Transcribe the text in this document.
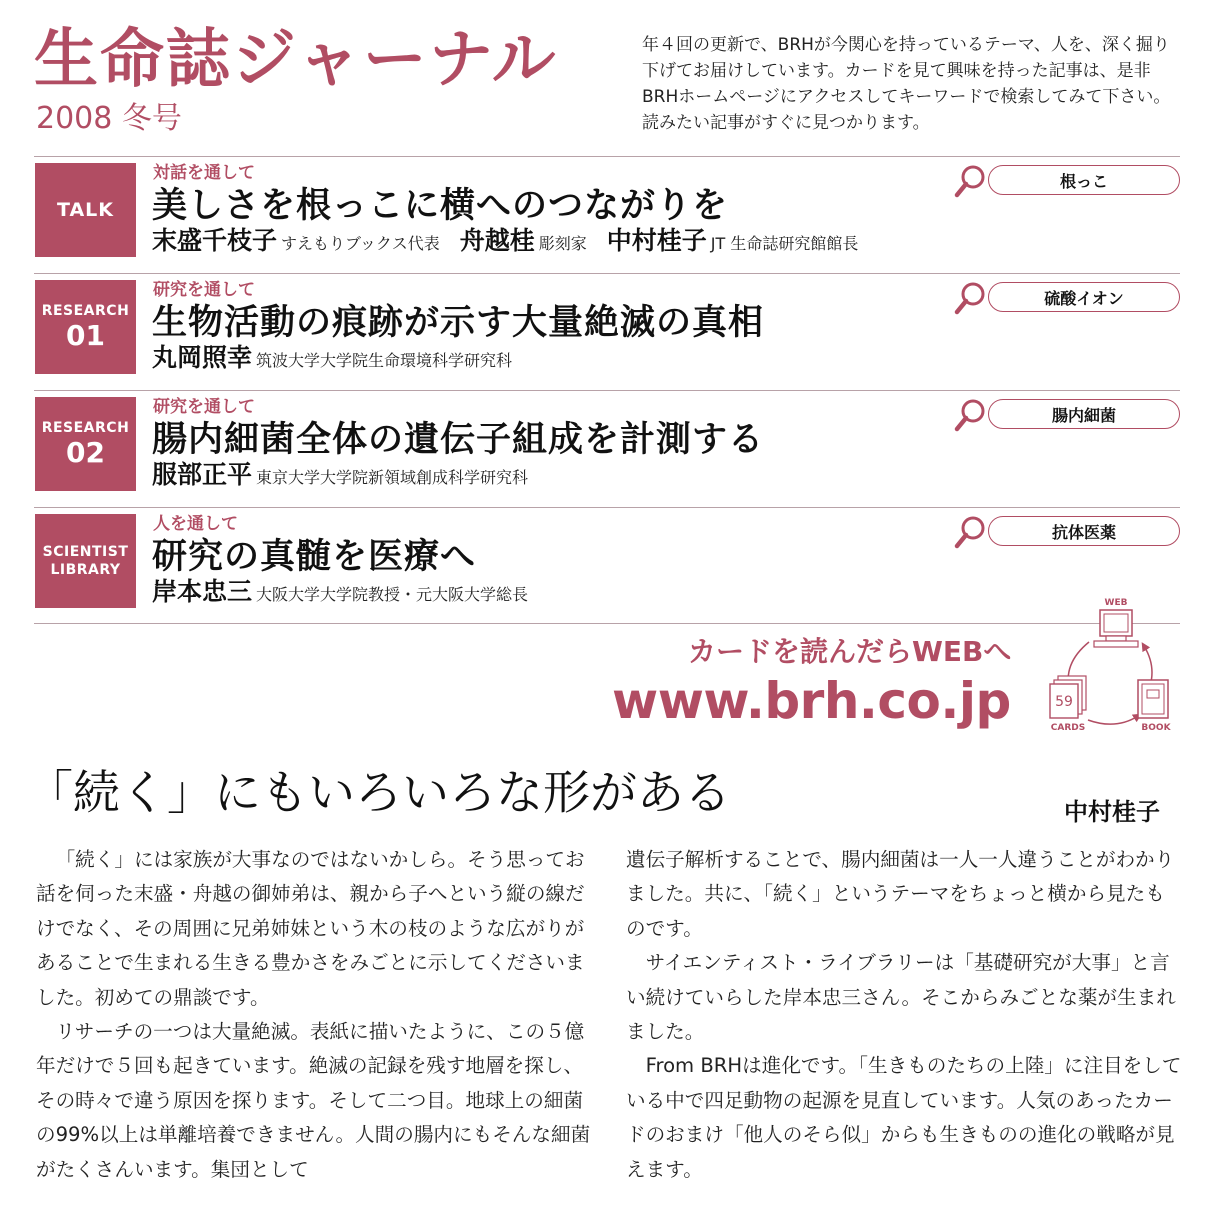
生命誌ジャーナル
2008 冬号
年４回の更新で、BRHが今関心を持っているテーマ、人を、深く掘り下げてお届けしています。カードを見て興味を持った記事は、是非BRHホームページにアクセスしてキーワードで検索してみて下さい。読みたい記事がすぐに見つかります。
TALK
対話を通して
美しさを根っこに横へのつながりを
末盛千枝子 すえもりブックス代表 舟越桂 彫刻家 中村桂子 JT 生命誌研究館館長
根っこ
RESEARCH
01
研究を通して
生物活動の痕跡が示す大量絶滅の真相
丸岡照幸 筑波大学大学院生命環境科学研究科
硫酸イオン
RESEARCH
02
研究を通して
腸内細菌全体の遺伝子組成を計測する
服部正平 東京大学大学院新領域創成科学研究科
腸内細菌
SCIENTIST
LIBRARY
人を通して
研究の真髄を医療へ
岸本忠三 大阪大学大学院教授・元大阪大学総長
抗体医薬
カードを読んだらWEBへ
www.brh.co.jp
WEB
59
CARDS	BOOK
「続く」にもいろいろな形がある	中村桂子

「続く」には家族が大事なのではないかしら。そう思ってお話を伺った末盛・舟越の御姉弟は、親から子へという縦の線だけでなく、その周囲に兄弟姉妹という木の枝のような広がりがあることで生まれる生きる豊かさをみごとに示してくださいました。初めての鼎談です。

リサーチの一つは大量絶滅。表紙に描いたように、この５億年だけで５回も起きています。絶滅の記録を残す地層を探し、その時々で違う原因を探ります。そして二つ目。地球上の細菌の99%以上は単離培養できません。人間の腸内にもそんな細菌がたくさんいます。集団として

遺伝子解析することで、腸内細菌は一人一人違うことがわかりました。共に、「続く」というテーマをちょっと横から見たものです。

サイエンティスト・ライブラリーは「基礎研究が大事」と言い続けていらした岸本忠三さん。そこからみごとな薬が生まれました。

From BRHは進化です。「生きものたちの上陸」に注目をしている中で四足動物の起源を見直しています。人気のあったカードのおまけ「他人のそら似」からも生きものの進化の戦略が見えます。
